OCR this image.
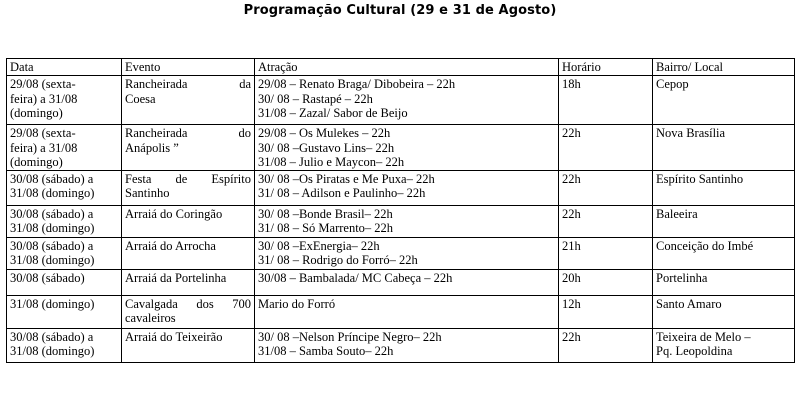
Programação Cultural (29 e 31 de Agosto)
Data	Evento	Atração	Horário	Bairro/ Local

29/08 (sexta-
feira) a 31/08
(domingo)	Rancheirada da
Coesa	29/08 – Renato Braga/ Dibobeira – 22h
30/ 08 – Rastapé – 22h
31/08 – Zazal/ Sabor de Beijo	18h	Cepop

29/08 (sexta-
feira) a 31/08
(domingo)	Rancheirada do
Anápolis ”	29/08 – Os Mulekes – 22h
30/ 08 –Gustavo Lins– 22h
31/08 – Julio e Maycon– 22h	22h	Nova Brasília

30/08 (sábado) a
31/08 (domingo)	Festa de Espírito
Santinho	30/ 08 –Os Piratas e Me Puxa– 22h
31/ 08 – Adilson e Paulinho– 22h	22h	Espírito Santinho

30/08 (sábado) a
31/08 (domingo)	Arraiá do Coringão	30/ 08 –Bonde Brasil– 22h
31/ 08 – Só Marrento– 22h	22h	Baleeira

30/08 (sábado) a
31/08 (domingo)	Arraiá do Arrocha	30/ 08 –ExEnergia– 22h
31/ 08 – Rodrigo do Forró– 22h	21h	Conceição do Imbé

30/08 (sábado)	Arraiá da Portelinha	30/08 – Bambalada/ MC Cabeça – 22h	20h	Portelinha

31/08 (domingo)	Cavalgada dos 700
cavaleiros	Mario do Forró	12h	Santo Amaro

30/08 (sábado) a
31/08 (domingo)	Arraiá do Teixeirão	30/ 08 –Nelson Príncipe Negro– 22h
31/08 – Samba Souto– 22h	22h	Teixeira de Melo –
Pq. Leopoldina
